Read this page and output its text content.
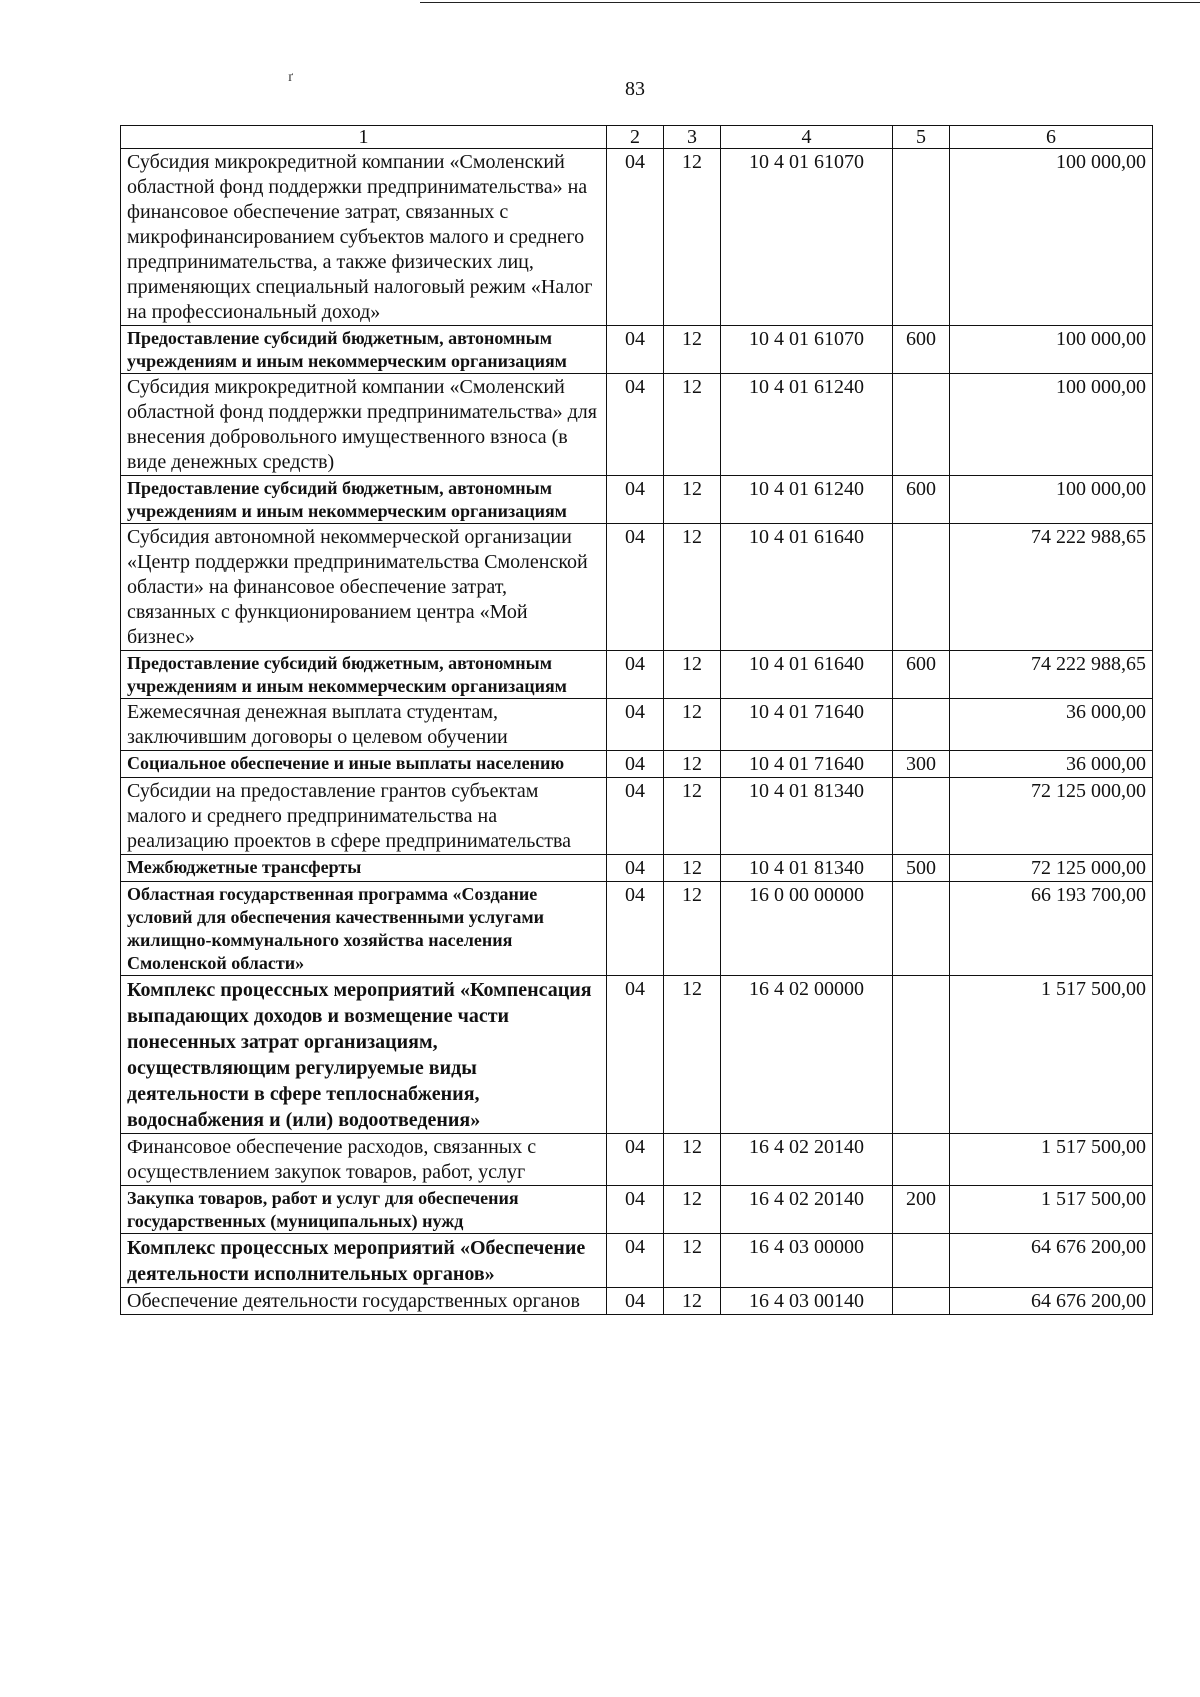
ґ
83
1	2	3	4	5	6
Субсидия микрокредитной компании «Смоленский областной фонд поддержки предпринимательства» на финансовое обеспечение затрат, связанных с микрофинансированием субъектов малого и среднего предпринимательства, а также физических лиц, применяющих специальный налоговый режим «Налог на профессиональный доход»	04	12	10 4 01 61070		100 000,00
Предоставление субсидий бюджетным, автономным учреждениям и иным некоммерческим организациям	04	12	10 4 01 61070	600	100 000,00
Субсидия микрокредитной компании «Смоленский областной фонд поддержки предпринимательства» для внесения добровольного имущественного взноса (в виде денежных средств)	04	12	10 4 01 61240		100 000,00
Предоставление субсидий бюджетным, автономным учреждениям и иным некоммерческим организациям	04	12	10 4 01 61240	600	100 000,00
Субсидия автономной некоммерческой организации «Центр поддержки предпринимательства Смоленской области» на финансовое обеспечение затрат, связанных с функционированием центра «Мой бизнес»	04	12	10 4 01 61640		74 222 988,65
Предоставление субсидий бюджетным, автономным учреждениям и иным некоммерческим организациям	04	12	10 4 01 61640	600	74 222 988,65
Ежемесячная денежная выплата студентам, заключившим договоры о целевом обучении	04	12	10 4 01 71640		36 000,00
Социальное обеспечение и иные выплаты населению	04	12	10 4 01 71640	300	36 000,00
Субсидии на предоставление грантов субъектам малого и среднего предпринимательства на реализацию проектов в сфере предпринимательства	04	12	10 4 01 81340		72 125 000,00
Межбюджетные трансферты	04	12	10 4 01 81340	500	72 125 000,00
Областная государственная программа «Создание условий для обеспечения качественными услугами жилищно-коммунального хозяйства населения Смоленской области»	04	12	16 0 00 00000		66 193 700,00
Комплекс процессных мероприятий «Компенсация выпадающих доходов и возмещение части понесенных затрат организациям, осуществляющим регулируемые виды деятельности в сфере теплоснабжения, водоснабжения и (или) водоотведения»	04	12	16 4 02 00000		1 517 500,00
Финансовое обеспечение расходов, связанных с осуществлением закупок товаров, работ, услуг	04	12	16 4 02 20140		1 517 500,00
Закупка товаров, работ и услуг для обеспечения государственных (муниципальных) нужд	04	12	16 4 02 20140	200	1 517 500,00
Комплекс процессных мероприятий «Обеспечение деятельности исполнительных органов»	04	12	16 4 03 00000		64 676 200,00
Обеспечение деятельности государственных органов	04	12	16 4 03 00140		64 676 200,00
